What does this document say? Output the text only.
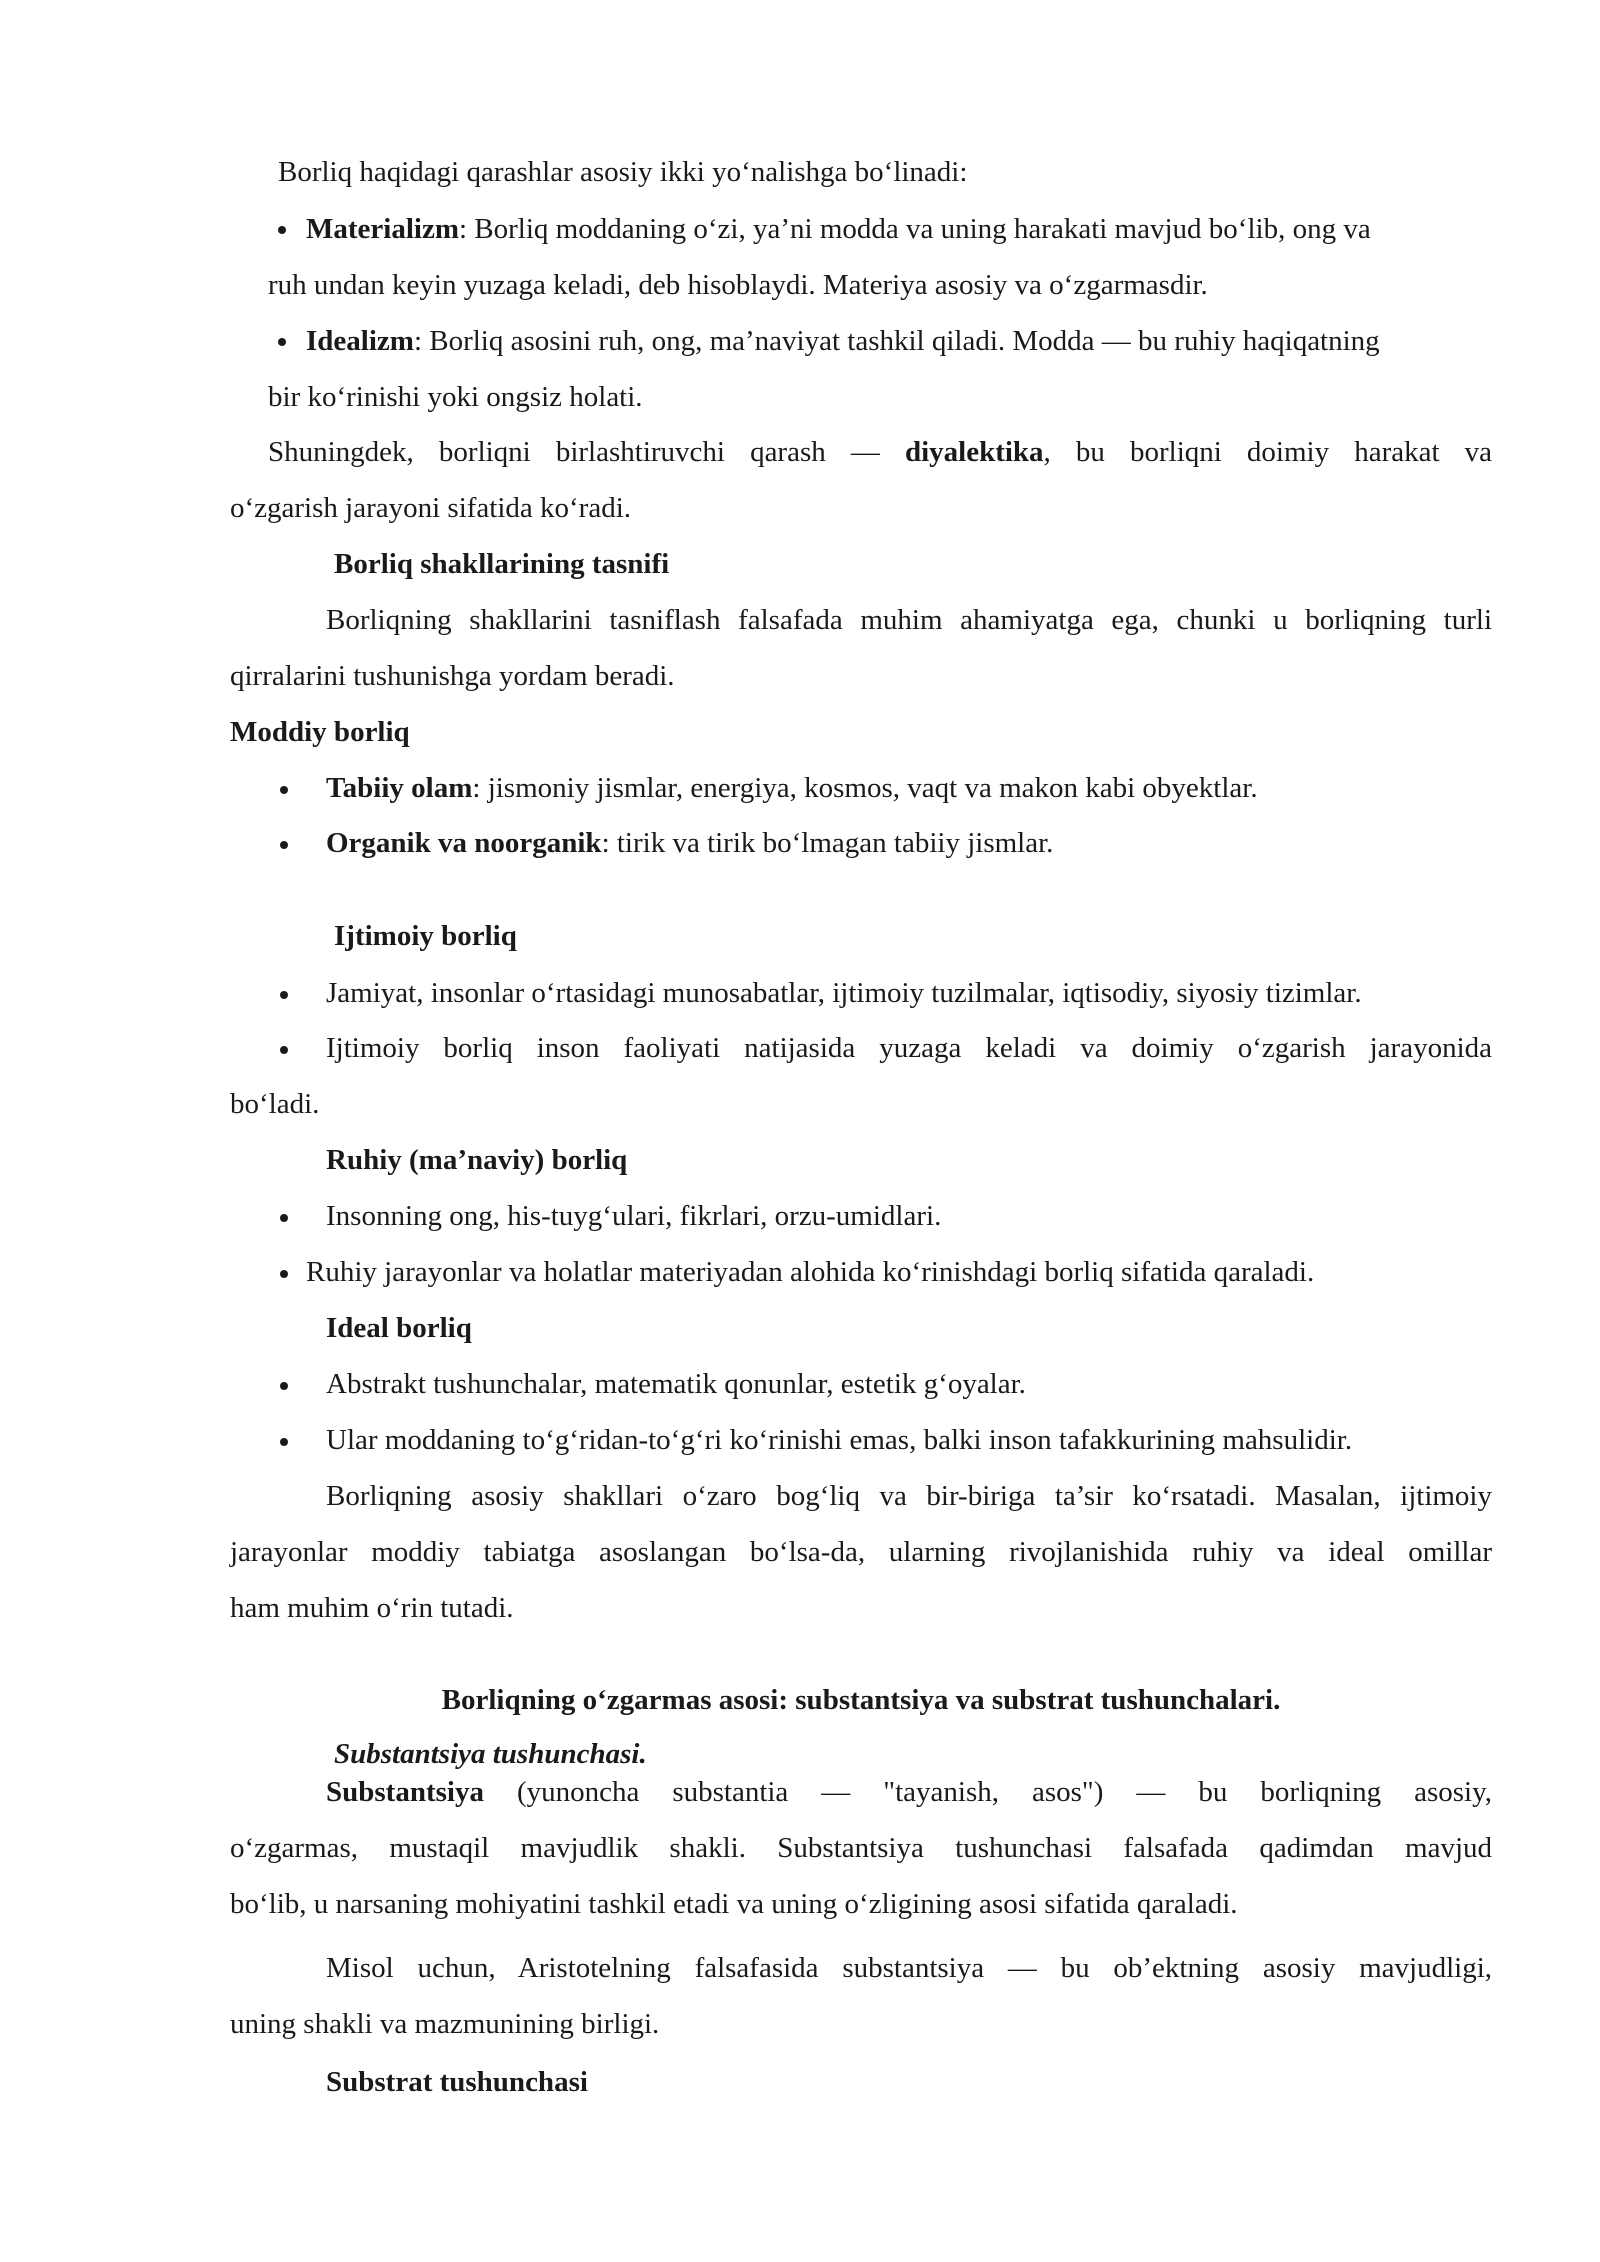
Borliq haqidagi qarashlar asosiy ikki yo‘nalishga bo‘linadi:
Materializm: Borliq moddaning o‘zi, ya’ni modda va uning harakati mavjud bo‘lib, ong va
ruh undan keyin yuzaga keladi, deb hisoblaydi. Materiya asosiy va o‘zgarmasdir.
Idealizm: Borliq asosini ruh, ong, ma’naviyat tashkil qiladi. Modda — bu ruhiy haqiqatning
bir ko‘rinishi yoki ongsiz holati.
Shuningdek, borliqni birlashtiruvchi qarash — diyalektika, bu borliqni doimiy harakat va
o‘zgarish jarayoni sifatida ko‘radi.
Borliq shakllarining tasnifi
Borliqning shakllarini tasniflash falsafada muhim ahamiyatga ega, chunki u borliqning turli
qirralarini tushunishga yordam beradi.
Moddiy borliq
Tabiiy olam: jismoniy jismlar, energiya, kosmos, vaqt va makon kabi obyektlar.
Organik va noorganik: tirik va tirik bo‘lmagan tabiiy jismlar.
Ijtimoiy borliq
Jamiyat, insonlar o‘rtasidagi munosabatlar, ijtimoiy tuzilmalar, iqtisodiy, siyosiy tizimlar.
Ijtimoiy borliq inson faoliyati natijasida yuzaga keladi va doimiy o‘zgarish jarayonida
bo‘ladi.
Ruhiy (ma’naviy) borliq
Insonning ong, his-tuyg‘ulari, fikrlari, orzu-umidlari.
Ruhiy jarayonlar va holatlar materiyadan alohida ko‘rinishdagi borliq sifatida qaraladi.
Ideal borliq
Abstrakt tushunchalar, matematik qonunlar, estetik g‘oyalar.
Ular moddaning to‘g‘ridan-to‘g‘ri ko‘rinishi emas, balki inson tafakkurining mahsulidir.
Borliqning asosiy shakllari o‘zaro bog‘liq va bir-biriga ta’sir ko‘rsatadi. Masalan, ijtimoiy
jarayonlar moddiy tabiatga asoslangan bo‘lsa-da, ularning rivojlanishida ruhiy va ideal omillar
ham muhim o‘rin tutadi.
Borliqning o‘zgarmas asosi: substantsiya va substrat tushunchalari.
Substantsiya tushunchasi.
Substantsiya (yunoncha substantia — "tayanish, asos") — bu borliqning asosiy,
o‘zgarmas, mustaqil mavjudlik shakli. Substantsiya tushunchasi falsafada qadimdan mavjud
bo‘lib, u narsaning mohiyatini tashkil etadi va uning o‘zligining asosi sifatida qaraladi.
Misol uchun, Aristotelning falsafasida substantsiya — bu ob’ektning asosiy mavjudligi,
uning shakli va mazmunining birligi.
Substrat tushunchasi
